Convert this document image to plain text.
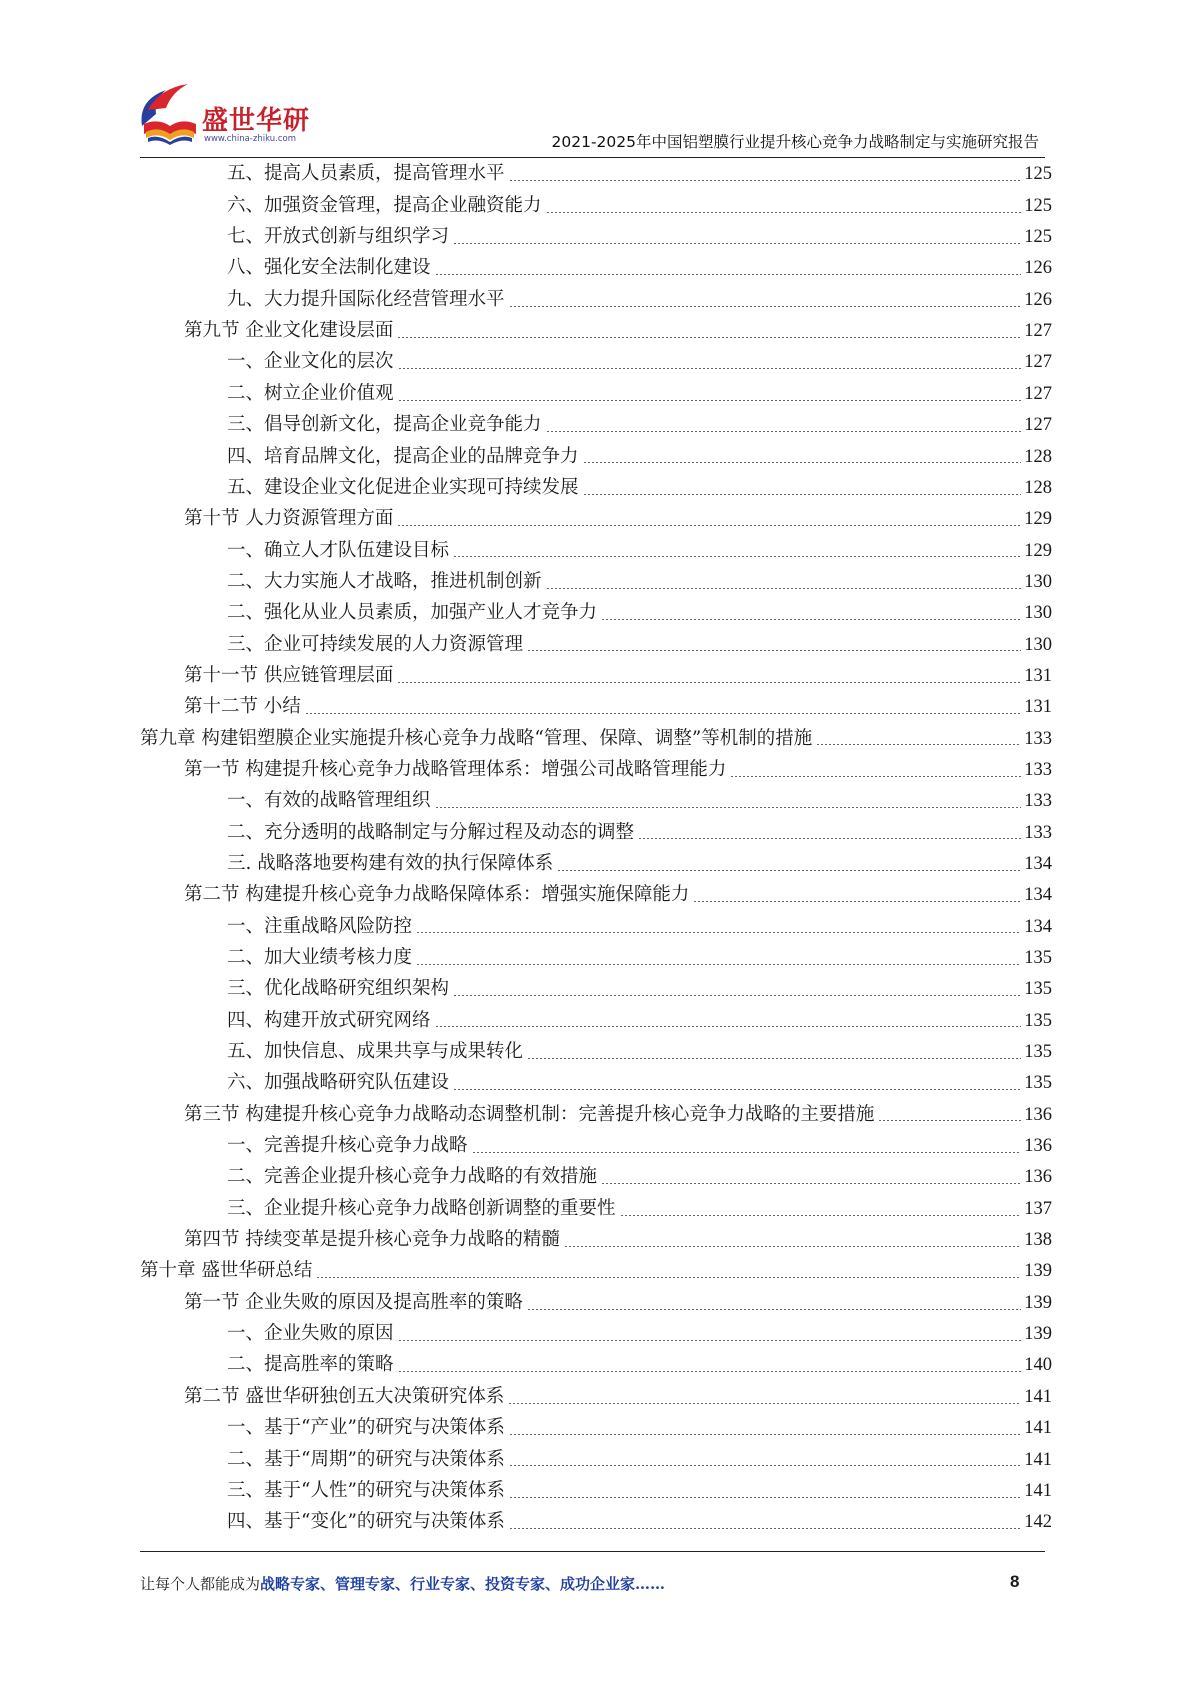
盛世华研
www.china-zhiku.com	2021-2025年中国铝塑膜行业提升核心竞争力战略制定与实施研究报告
五、提高人员素质，提高管理水平	125
六、加强资金管理，提高企业融资能力	125
七、开放式创新与组织学习	125
八、强化安全法制化建设	126
九、大力提升国际化经营管理水平	126
第九节 企业文化建设层面	127
一、企业文化的层次	127
二、树立企业价值观	127
三、倡导创新文化，提高企业竞争能力	127
四、培育品牌文化，提高企业的品牌竞争力	128
五、建设企业文化促进企业实现可持续发展	128
第十节 人力资源管理方面	129
一、确立人才队伍建设目标	129
二、大力实施人才战略，推进机制创新	130
二、强化从业人员素质，加强产业人才竞争力	130
三、企业可持续发展的人力资源管理	130
第十一节 供应链管理层面	131
第十二节 小结	131
第九章 构建铝塑膜企业实施提升核心竞争力战略“管理、保障、调整”等机制的措施	133
第一节 构建提升核心竞争力战略管理体系：增强公司战略管理能力	133
一、有效的战略管理组织	133
二、充分透明的战略制定与分解过程及动态的调整	133
三. 战略落地要构建有效的执行保障体系	134
第二节 构建提升核心竞争力战略保障体系：增强实施保障能力	134
一、注重战略风险防控	134
二、加大业绩考核力度	135
三、优化战略研究组织架构	135
四、构建开放式研究网络	135
五、加快信息、成果共享与成果转化	135
六、加强战略研究队伍建设	135
第三节 构建提升核心竞争力战略动态调整机制：完善提升核心竞争力战略的主要措施	136
一、完善提升核心竞争力战略	136
二、完善企业提升核心竞争力战略的有效措施	136
三、企业提升核心竞争力战略创新调整的重要性	137
第四节 持续变革是提升核心竞争力战略的精髓	138
第十章 盛世华研总结	139
第一节 企业失败的原因及提高胜率的策略	139
一、企业失败的原因	139
二、提高胜率的策略	140
第二节 盛世华研独创五大决策研究体系	141
一、基于“产业”的研究与决策体系	141
二、基于“周期”的研究与决策体系	141
三、基于“人性”的研究与决策体系	141
四、基于“变化”的研究与决策体系	142
让每个人都能成为战略专家、管理专家、行业专家、投资专家、成功企业家……	8
